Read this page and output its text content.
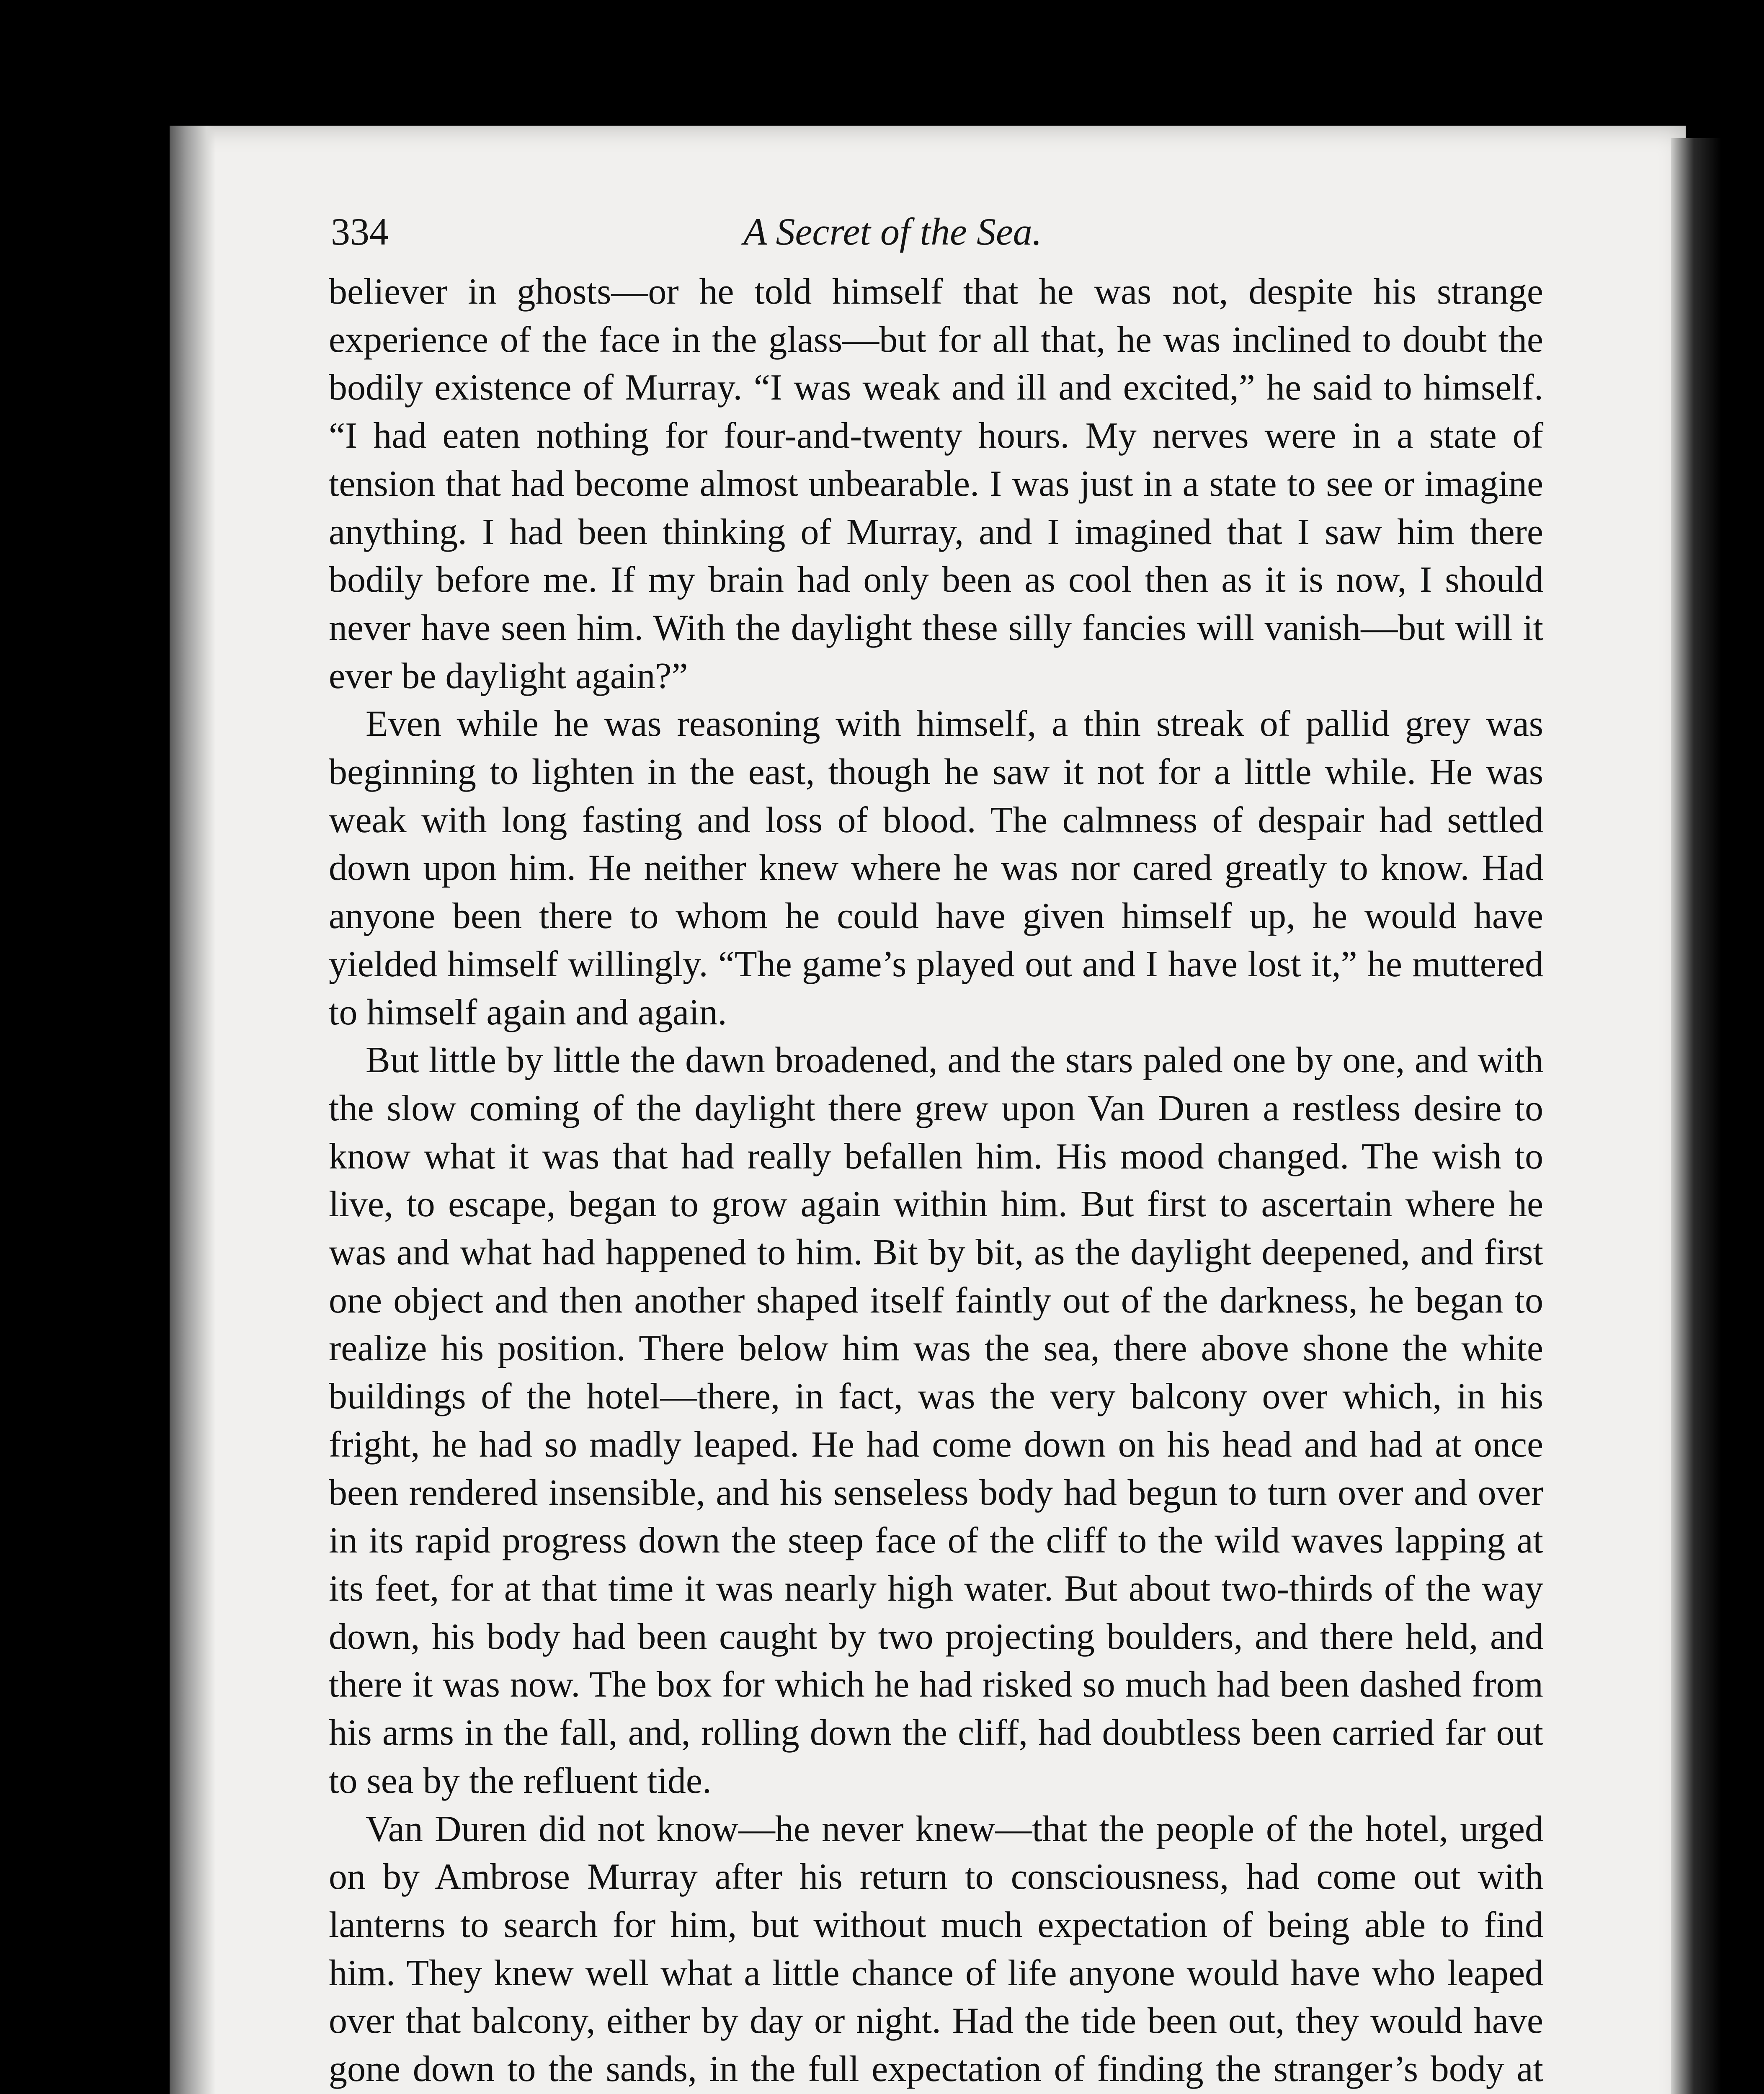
334	A Secret of the Sea.

believer in ghosts—or he told himself that he was not, despite his strange experience of the face in the glass—but for all that, he was inclined to doubt the bodily existence of Murray. “I was weak and ill and excited,” he said to himself. “I had eaten nothing for four-and-twenty hours. My nerves were in a state of tension that had become almost unbearable. I was just in a state to see or imagine anything. I had been thinking of Murray, and I imagined that I saw him there bodily before me. If my brain had only been as cool then as it is now, I should never have seen him. With the daylight these silly fancies will vanish—but will it ever be daylight again?”

Even while he was reasoning with himself, a thin streak of pallid grey was beginning to lighten in the east, though he saw it not for a little while. He was weak with long fasting and loss of blood. The calmness of despair had settled down upon him. He neither knew where he was nor cared greatly to know. Had anyone been there to whom he could have given himself up, he would have yielded himself willingly. “The game’s played out and I have lost it,” he muttered to himself again and again.

But little by little the dawn broadened, and the stars paled one by one, and with the slow coming of the daylight there grew upon Van Duren a restless desire to know what it was that had really befallen him. His mood changed. The wish to live, to escape, began to grow again within him. But first to ascertain where he was and what had happened to him. Bit by bit, as the daylight deepened, and first one object and then another shaped itself faintly out of the darkness, he began to realize his position. There below him was the sea, there above shone the white buildings of the hotel—there, in fact, was the very balcony over which, in his fright, he had so madly leaped. He had come down on his head and had at once been rendered insensible, and his senseless body had begun to turn over and over in its rapid progress down the steep face of the cliff to the wild waves lapping at its feet, for at that time it was nearly high water. But about two-thirds of the way down, his body had been caught by two projecting boulders, and there held, and there it was now. The box for which he had risked so much had been dashed from his arms in the fall, and, rolling down the cliff, had doubtless been carried far out to sea by the refluent tide.

Van Duren did not know—he never knew—that the people of the hotel, urged on by Ambrose Murray after his return to consciousness, had come out with lanterns to search for him, but without much expectation of being able to find him. They knew well what a little chance of life anyone would have who leaped over that balcony, either by day or night. Had the tide been out, they would have gone down to the sands, in the full expectation of finding the stranger’s body at
